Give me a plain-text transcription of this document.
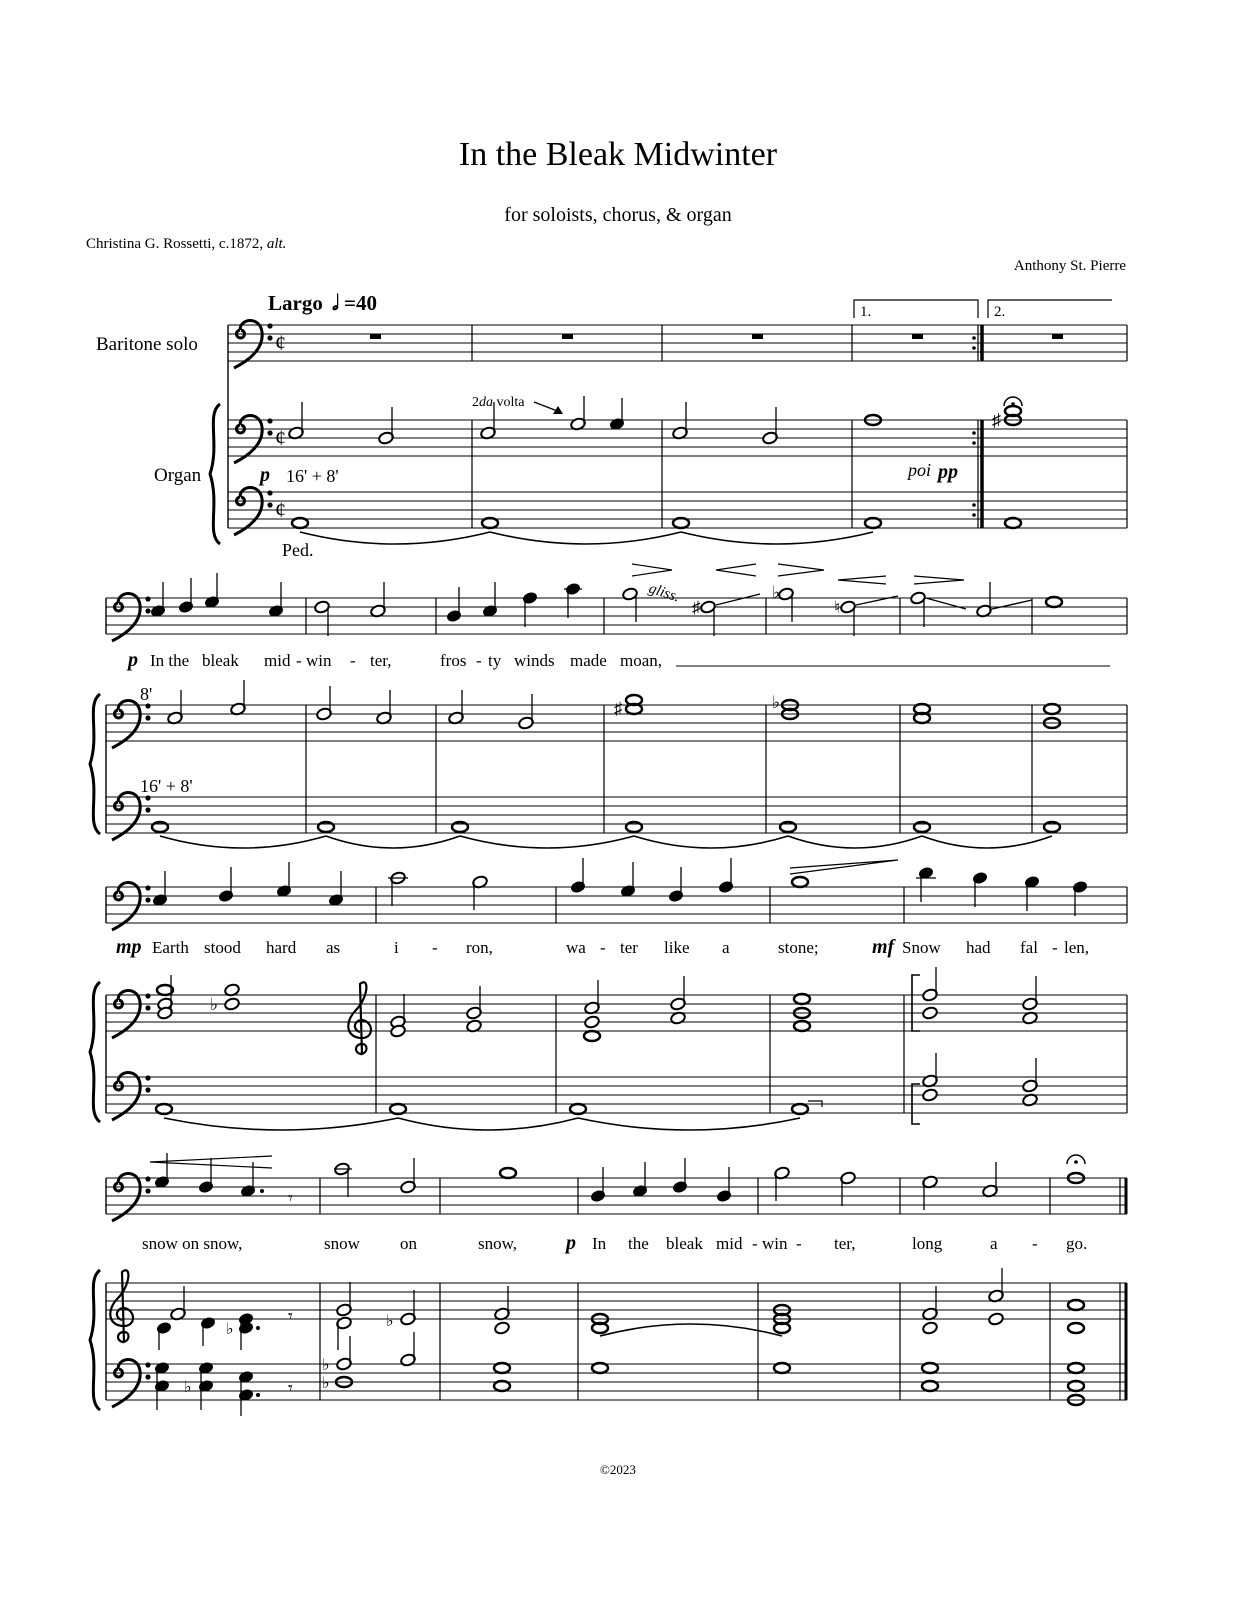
In the Bleak Midwinter
for soloists, chorus, & organ
Christina G. Rossetti, c.1872, alt.
Anthony St. Pierre
Largo 𝅗𝅥 =40
Baritone solo
Organ
1.	2.
¢
¢
¢
♯
2da volta
p 16' + 8'	poi pp
Ped.
♯
♭
♮
gliss.
p In the bleak mid - win - ter,	fros - ty winds made moan,
8'
16' + 8'
♯	♭
mp Earth stood hard as	i - ron,	wa - ter like a	stone;	mf Snow had fal - len,
♭
𝄾
snow on snow,	snow on	snow, p In the bleak mid - win - ter,	long	a - go.
♭
𝄾	♭
♭	𝄾
♭
♭
©2023
